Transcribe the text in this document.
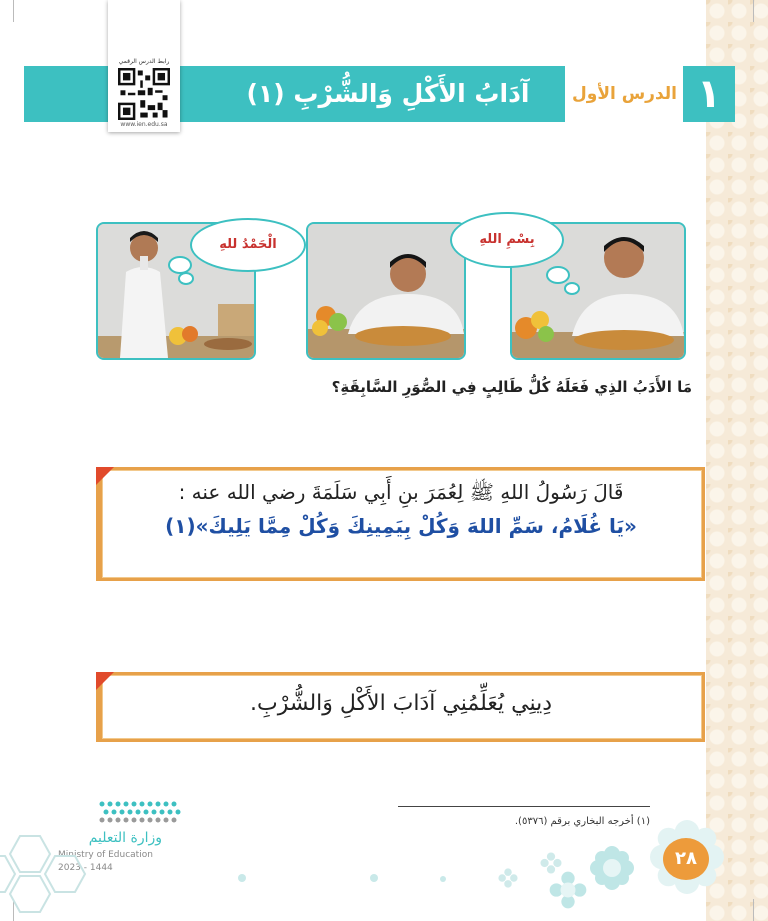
آدَابُ الأَكْلِ وَالشُّرْبِ (١)	الدرس الأول ١
رابط الدرس الرقمي
www.ien.edu.sa
الْحَمْدُ للهِ	بِسْمِ اللهِ
مَا الأَدَبُ الذِي فَعَلَهُ كُلُّ طَالِبٍ فِي الصُّوَرِ السَّابِقَةِ؟
قَالَ رَسُولُ اللهِ ﷺ لِعُمَرَ بنِ أَبِي سَلَمَةَ رضي الله عنه :
«يَا غُلَامُ، سَمِّ اللهَ وَكُلْ بِيَمِينِكَ وَكُلْ مِمَّا يَلِيكَ»(١)
دِينِي يُعَلِّمُنِي آدَابَ الأَكْلِ وَالشُّرْبِ.
(١) أخرجه البخاري برقم (٥٣٧٦).
٢٨
وزارة التعليم
Ministry of Education
2023 - 1444
